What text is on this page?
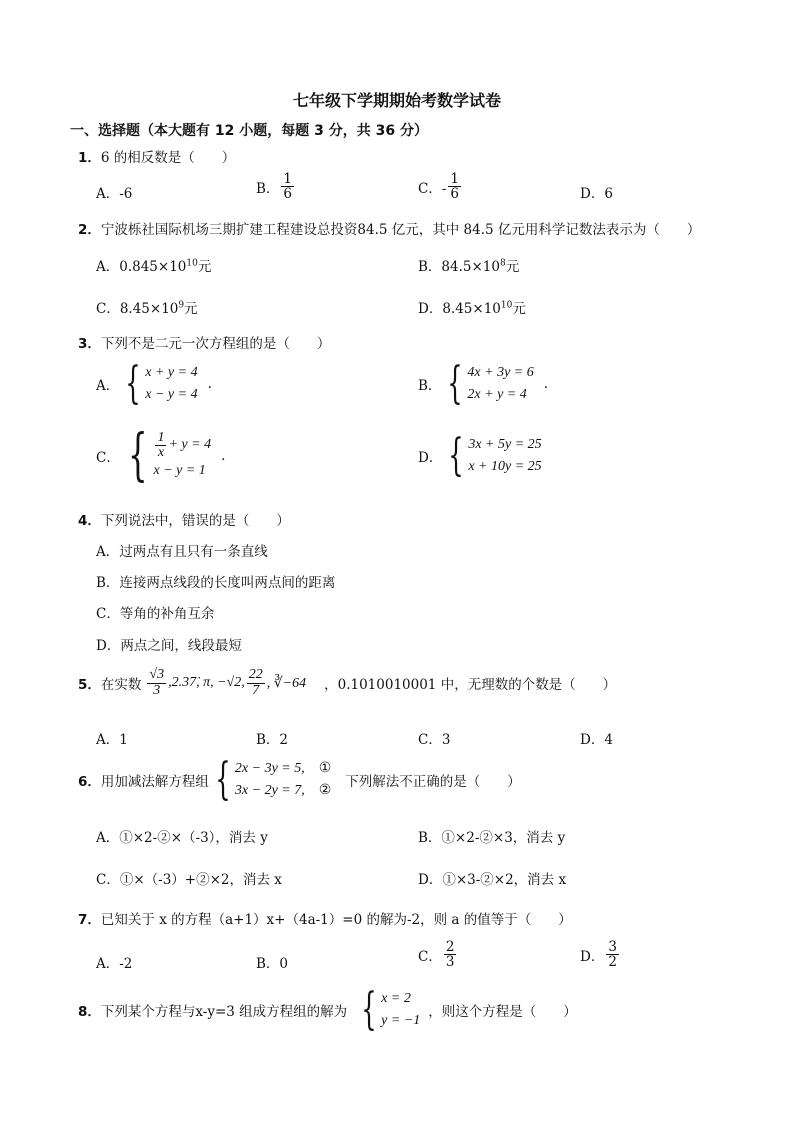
七年级下学期期始考数学试卷
一、选择题（本大题有 12 小题，每题 3 分，共 36 分）
1． 6 的相反数是（　　）
A．-6	B． $\frac{1}{6}$	C．- $\frac{1}{6}$	D．6
2． 宁波栎社国际机场三期扩建工程建设总投资84.5 亿元，其中 84.5 亿元用科学记数法表示为（　　）
A．$0.845\times 10^{10}$元	B．$84.5\times 10^8$元
C．$8.45\times 10^9$元	D．$8.45\times 10^{10}$元
3． 下列不是二元一次方程组的是（　　）
A． { x + y = 4
x − y = 4
.	B． { 4x + 3y = 6
2x + y = 4
.
C． { $\frac{1}{x} + y = 4$
x − y = 1
.	D． { 3x + 5y = 25
x + 10y = 25
4． 下列说法中，错误的是（　　）
A．过两点有且只有一条直线
B．连接两点线段的长度叫两点间的距离
C．等角的补角互余
D．两点之间，线段最短
5． 在实数 $\frac{√3}{3}$ ,2.37̇, π, −√2, $\frac{22}{7}$ , ∛−64 ，0.1010010001 中，无理数的个数是（　　）
A．1	B．2	C．3	D．4
6． 用加减法解方程组 { 2x − 3y = 5, ①
3x − 2y = 7, ②
下列解法不正确的是（　　）
A．①×2-②×（-3），消去 y	B．①×2-②×3，消去 y
C．①×（-3）+②×2，消去 x	D．①×3-②×2，消去 x
7． 已知关于 x 的方程（a+1）x+（4a-1）=0 的解为-2，则 a 的值等于（　　）
A．-2	B．0	C． $\frac{2}{3}$	D． $\frac{3}{2}$
8． 下列某个方程与x-y=3 组成方程组的解为 { x = 2
y = −1
，则这个方程是（　　）
